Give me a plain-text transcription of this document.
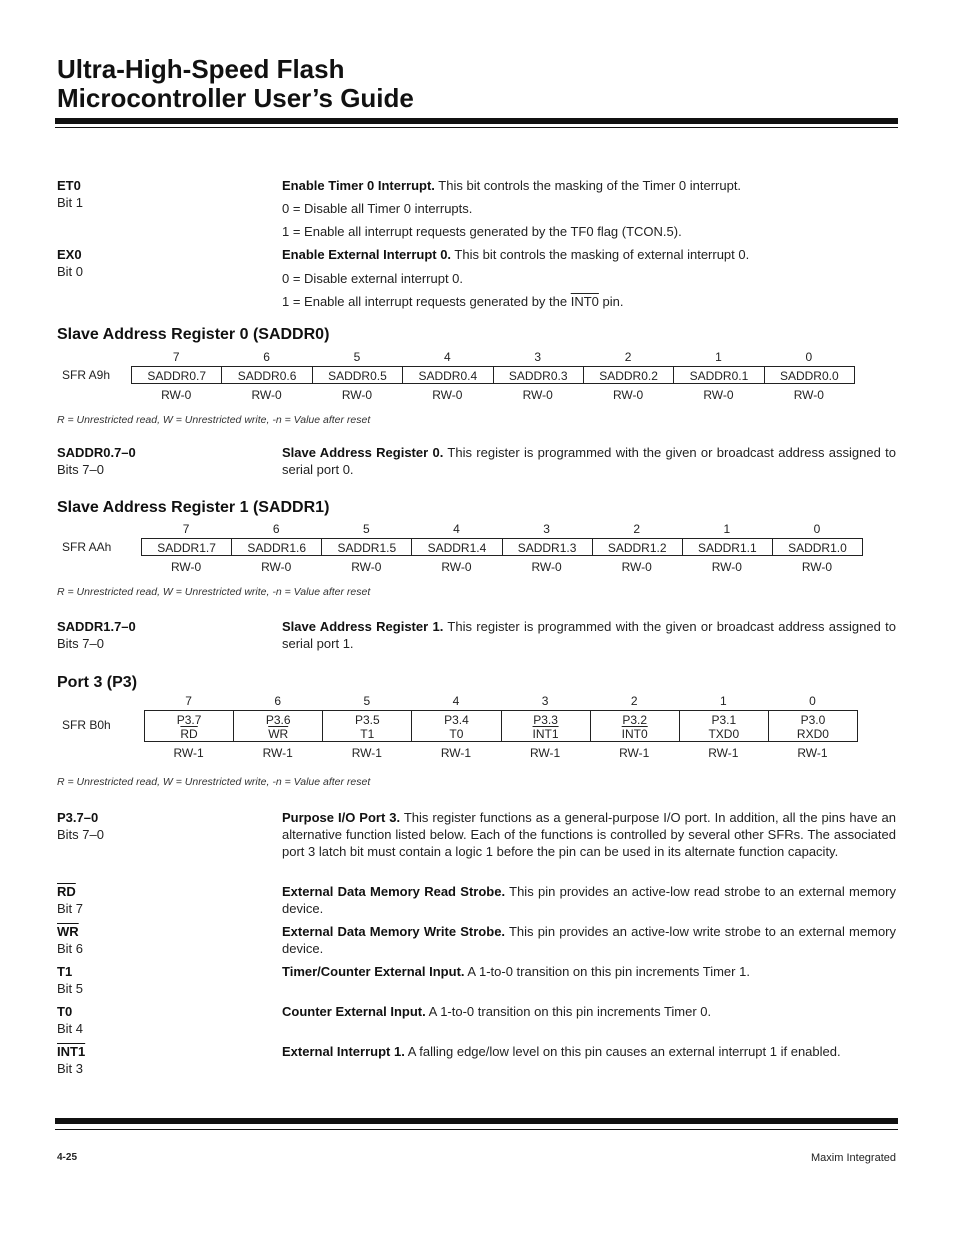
Ultra-High-Speed Flash
Microcontroller User’s Guide
ET0
Bit 1
Enable Timer 0 Interrupt. This bit controls the masking of the Timer 0 interrupt.
0 = Disable all Timer 0 interrupts.
1 = Enable all interrupt requests generated by the TF0 flag (TCON.5).
EX0
Bit 0
Enable External Interrupt 0. This bit controls the masking of external interrupt 0.
0 = Disable external interrupt 0.
1 = Enable all interrupt requests generated by the INT0 pin.
Slave Address Register 0 (SADDR0)
SFR A9h
7
SADDR0.7
RW-0
6
SADDR0.6
RW-0
5
SADDR0.5
RW-0
4
SADDR0.4
RW-0
3
SADDR0.3
RW-0
2
SADDR0.2
RW-0
1
SADDR0.1
RW-0
0
SADDR0.0
RW-0
R = Unrestricted read, W = Unrestricted write, -n = Value after reset
SADDR0.7–0
Bits 7–0
Slave Address Register 0. This register is programmed with the given or broadcast address assigned to serial port 0.
Slave Address Register 1 (SADDR1)
SFR AAh
7
SADDR1.7
RW-0
6
SADDR1.6
RW-0
5
SADDR1.5
RW-0
4
SADDR1.4
RW-0
3
SADDR1.3
RW-0
2
SADDR1.2
RW-0
1
SADDR1.1
RW-0
0
SADDR1.0
RW-0
R = Unrestricted read, W = Unrestricted write, -n = Value after reset
SADDR1.7–0
Bits 7–0
Slave Address Register 1. This register is programmed with the given or broadcast address assigned to serial port 1.
Port 3 (P3)
SFR B0h
7
P3.7
$\overline{RD}$
RW-1
6
P3.6
$\overline{WR}$
RW-1
5
P3.5
T1
RW-1
4
P3.4
T0
RW-1
3
P3.3
INT1
RW-1
2
P3.2
INT0
RW-1
1
P3.1
TXD0
RW-1
0
P3.0
RXD0
RW-1
R = Unrestricted read, W = Unrestricted write, -n = Value after reset
P3.7–0
Bits 7–0
Purpose I/O Port 3. This register functions as a general-purpose I/O port. In addition, all the pins have an alternative function listed below. Each of the functions is controlled by several other SFRs. The associated port 3 latch bit must contain a logic 1 before the pin can be used in its alternate function capacity.
$\overline{RD}$
Bit 7
External Data Memory Read Strobe. This pin provides an active-low read strobe to an external memory device.
$\overline{WR}$
Bit 6
External Data Memory Write Strobe. This pin provides an active-low write strobe to an external memory device.
T1
Bit 5
Timer/Counter External Input. A 1-to-0 transition on this pin increments Timer 1.
T0
Bit 4
Counter External Input. A 1-to-0 transition on this pin increments Timer 0.
INT1
Bit 3
External Interrupt 1. A falling edge/low level on this pin causes an external interrupt 1 if enabled.
4-25	Maxim Integrated
